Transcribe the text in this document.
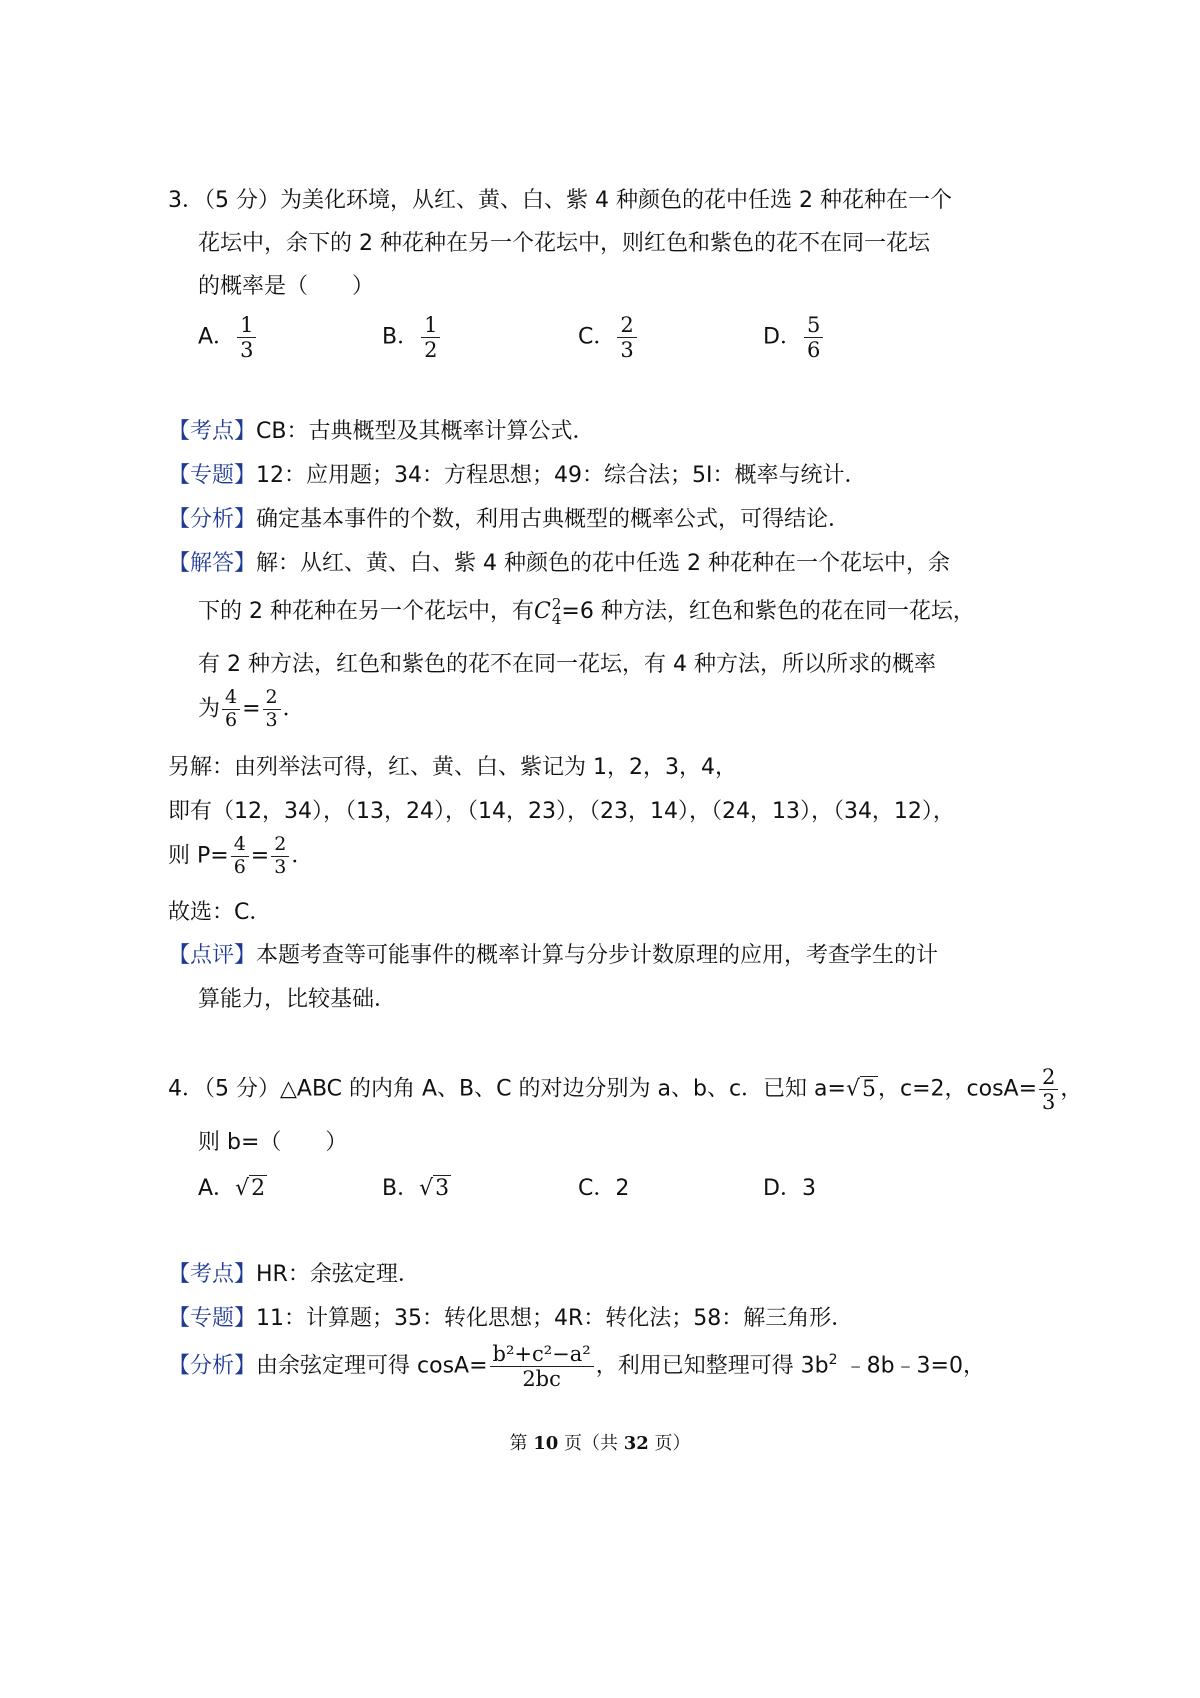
3．（5 分）为美化环境，从红、黄、白、紫 4 种颜色的花中任选 2 种花种在一个
花坛中，余下的 2 种花种在另一个花坛中，则红色和紫色的花不在同一花坛
的概率是（　　）
A． $\frac{1}{3}$	B． $\frac{1}{2}$	C． $\frac{2}{3}$	D． $\frac{5}{6}$
【考点】CB：古典概型及其概率计算公式．
【专题】12：应用题；34：方程思想；49：综合法；5I：概率与统计．
【分析】确定基本事件的个数，利用古典概型的概率公式，可得结论．
【解答】解：从红、黄、白、紫 4 种颜色的花中任选 2 种花种在一个花坛中，余
下的 2 种花种在另一个花坛中，有 C 2
4 =6 种方法，红色和紫色的花在同一花坛，
有 2 种方法，红色和紫色的花不在同一花坛，有 4 种方法，所以所求的概率
为 $\frac{4}{6} = \frac{2}{3}$ ．
另解：由列举法可得，红、黄、白、紫记为 1，2，3，4，
即有（12，34），（13，24），（14，23），（23，14），（24，13），（34，12），
则 $P= \frac{4}{6} = \frac{2}{3}$ ．
故选：C．
【点评】本题考查等可能事件的概率计算与分步计数原理的应用，考查学生的计
算能力，比较基础．
4．（5 分）△ABC 的内角 A、B、C 的对边分别为 a、b、c．已知 a=√5，c=2，$\cos A= \frac{2}{3}$ ，
则 b=（　　）
A．√2	B．√3	C．2	D．3
【考点】HR：余弦定理．
【专题】11：计算题；35：转化思想；4R：转化法；58：解三角形．
【分析】由余弦定理可得 $\cos A= \frac{\text{b²+c²−a²}}{2bc}$ ，利用已知整理可得 $3b^2$ ﹣8b﹣3=0，
第 10 页（共 32 页）
